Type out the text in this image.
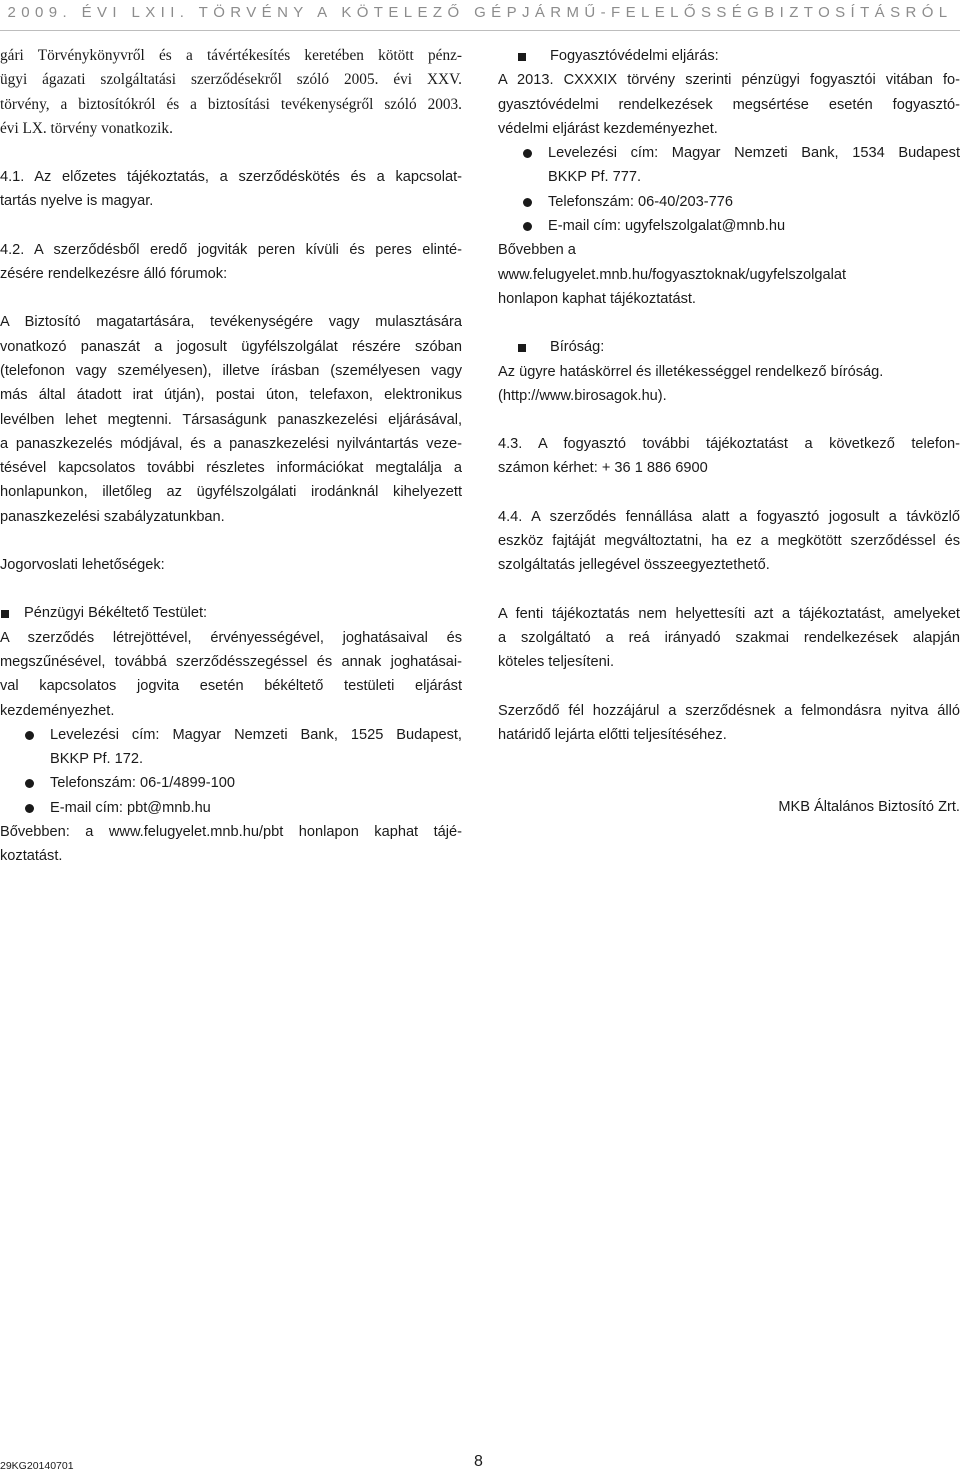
2009. ÉVI LXII. TÖRVÉNY A KÖTELEZŐ GÉPJÁRMŰ-FELELŐSSÉGBIZTOSÍTÁSRÓL

gári Törvénykönyvről és a távértékesítés keretében kötött pénz-

ügyi ágazati szolgáltatási szerződésekről szóló 2005. évi XXV.

törvény, a biztosítókról és a biztosítási tevékenységről szóló 2003.

évi LX. törvény vonatkozik.

4.1. Az előzetes tájékoztatás, a szerződéskötés és a kapcsolat-

tartás nyelve is magyar.

4.2. A szerződésből eredő jogviták peren kívüli és peres elinté-

zésére rendelkezésre álló fórumok:

A Biztosító magatartására, tevékenységére vagy mulasztására

vonatkozó panaszát a jogosult ügyfélszolgálat részére szóban

(telefonon vagy személyesen), illetve írásban (személyesen vagy

más által átadott irat útján), postai úton, telefaxon, elektronikus

levélben lehet megtenni. Társaságunk panaszkezelési eljárásával,

a panaszkezelés módjával, és a panaszkezelési nyilvántartás veze-

tésével kapcsolatos további részletes információkat megtalálja a

honlapunkon, illetőleg az ügyfélszolgálati irodánknál kihelyezett

panaszkezelési szabályzatunkban.

Jogorvoslati lehetőségek:

Pénzügyi Békéltető Testület:

A szerződés létrejöttével, érvényességével, joghatásaival és

megszűnésével, továbbá szerződésszegéssel és annak joghatásai-

val kapcsolatos jogvita esetén békéltető testületi eljárást

kezdeményezhet.

Levelezési cím: Magyar Nemzeti Bank, 1525 Budapest,

BKKP Pf. 172.

Telefonszám: 06-1/4899-100

E-mail cím: pbt@mnb.hu

Bővebben: a www.felugyelet.mnb.hu/pbt honlapon kaphat tájé-

koztatást.

Fogyasztóvédelmi eljárás:

A 2013. CXXXIX törvény szerinti pénzügyi fogyasztói vitában fo-

gyasztóvédelmi rendelkezések megsértése esetén fogyasztó-

védelmi eljárást kezdeményezhet.

Levelezési cím: Magyar Nemzeti Bank, 1534 Budapest

BKKP Pf. 777.

Telefonszám: 06-40/203-776

E-mail cím: ugyfelszolgalat@mnb.hu

Bővebben a

www.felugyelet.mnb.hu/fogyasztoknak/ugyfelszolgalat

honlapon kaphat tájékoztatást.

Bíróság:

Az ügyre hatáskörrel és illetékességgel rendelkező bíróság.

(http://www.birosagok.hu).

4.3. A fogyasztó további tájékoztatást a következő telefon-

számon kérhet: + 36 1 886 6900

4.4. A szerződés fennállása alatt a fogyasztó jogosult a távközlő

eszköz fajtáját megváltoztatni, ha ez a megkötött szerződéssel és

szolgáltatás jellegével összeegyeztethető.

A fenti tájékoztatás nem helyettesíti azt a tájékoztatást, amelyeket

a szolgáltató a reá irányadó szakmai rendelkezések alapján

köteles teljesíteni.

Szerződő fél hozzájárul a szerződésnek a felmondásra nyitva álló

határidő lejárta előtti teljesítéséhez.

MKB Általános Biztosító Zrt.

29KG20140701	8
